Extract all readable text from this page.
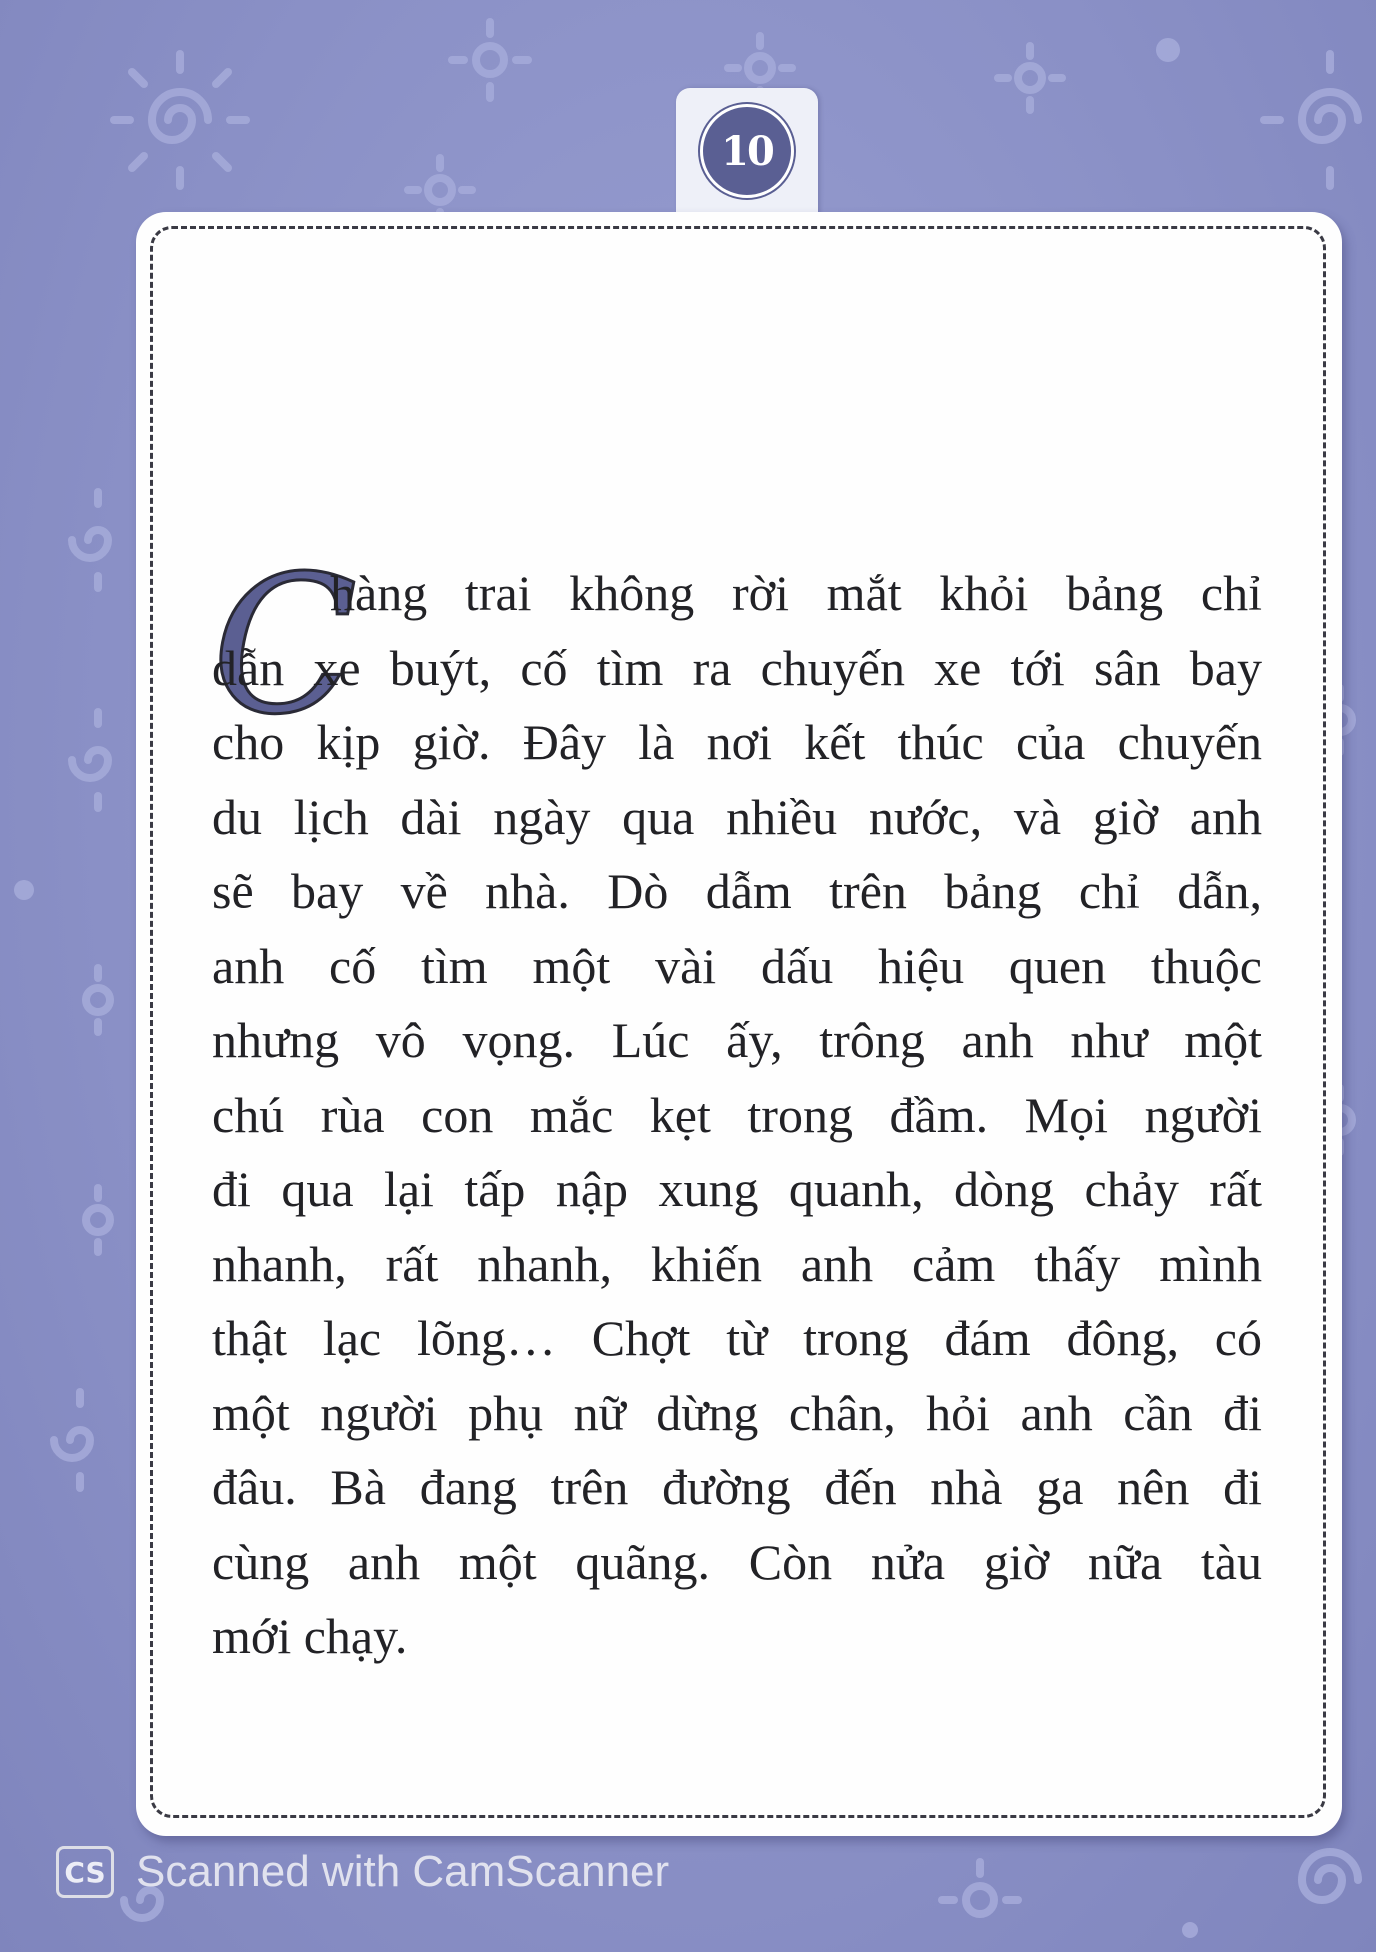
10
C
hàng trai không rời mắt khỏi bảng chỉ
dẫn xe buýt, cố tìm ra chuyến xe tới sân bay
cho kịp giờ. Đây là nơi kết thúc của chuyến
du lịch dài ngày qua nhiều nước, và giờ anh
sẽ bay về nhà. Dò dẫm trên bảng chỉ dẫn,
anh cố tìm một vài dấu hiệu quen thuộc
nhưng vô vọng. Lúc ấy, trông anh như một
chú rùa con mắc kẹt trong đầm. Mọi người
đi qua lại tấp nập xung quanh, dòng chảy rất
nhanh, rất nhanh, khiến anh cảm thấy mình
thật lạc lõng… Chợt từ trong đám đông, có
một người phụ nữ dừng chân, hỏi anh cần đi
đâu. Bà đang trên đường đến nhà ga nên đi
cùng anh một quãng. Còn nửa giờ nữa tàu
mới chạy.
CS Scanned with CamScanner
